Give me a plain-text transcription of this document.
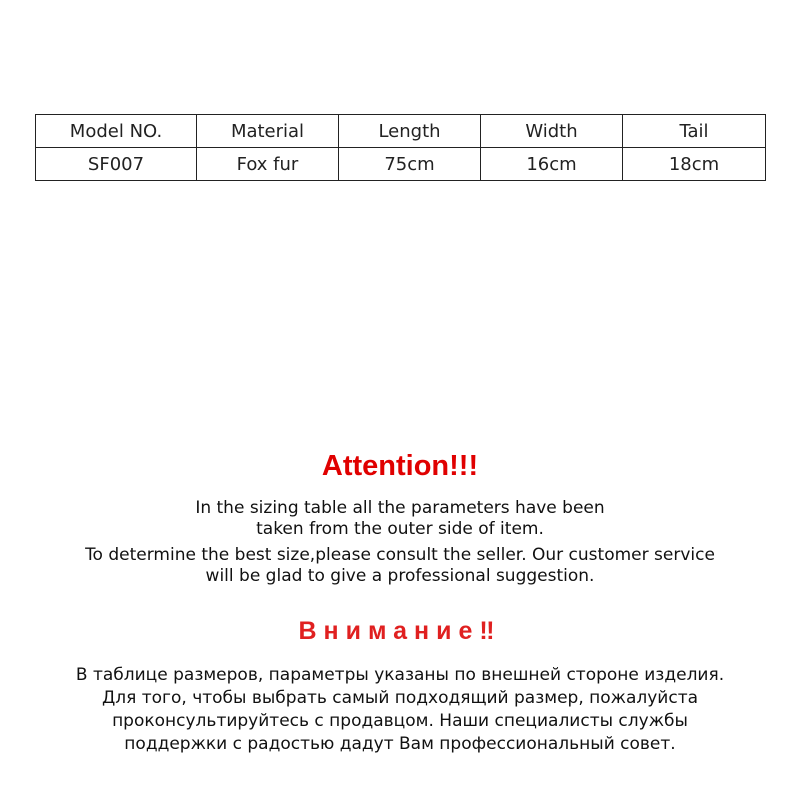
Model NO.	Material	Length	Width	Tail
SF007	Fox fur	75cm	16cm	18cm
Attention!!!

In the sizing table all the parameters have been
taken from the outer side of item.

To determine the best size,please consult the seller. Our customer service
will be glad to give a professional suggestion.

Внимание‼

В таблице размеров, параметры указаны по внешней стороне изделия.
Для того, чтобы выбрать самый подходящий размер, пожалуйста
проконсультируйтесь с продавцом. Наши специалисты службы
поддержки с радостью дадут Вам профессиональный совет.
